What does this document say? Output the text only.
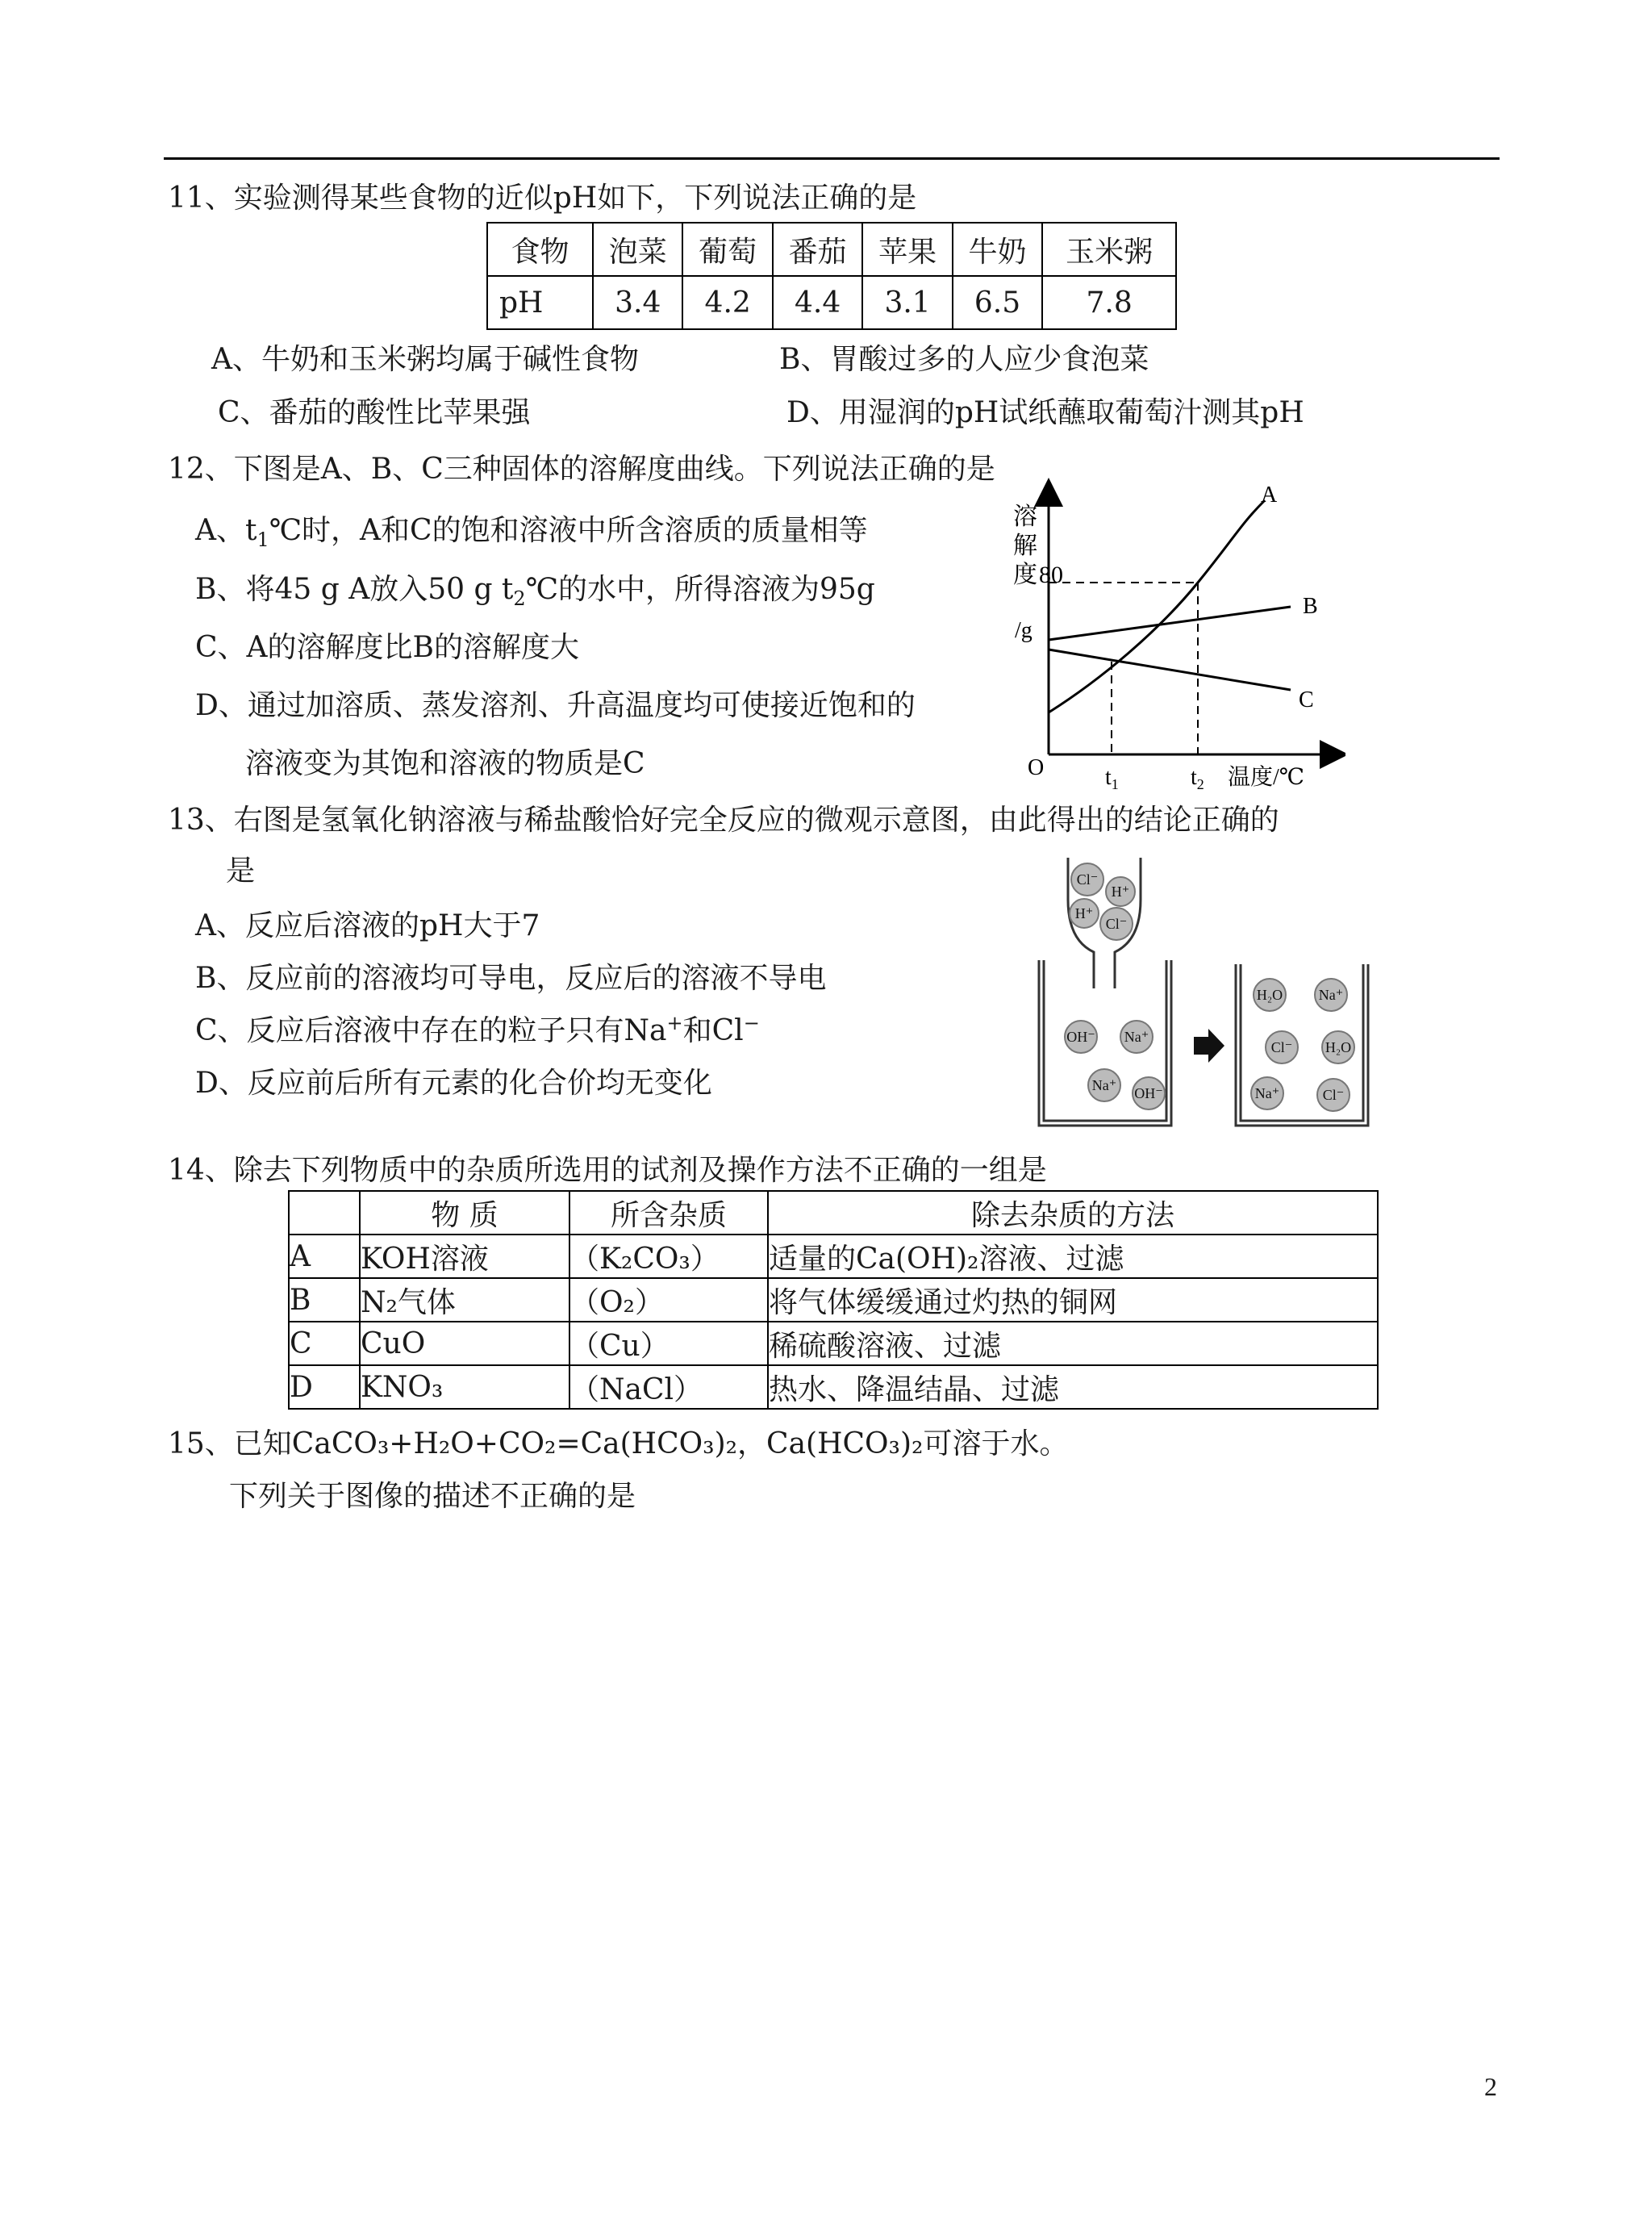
11、实验测得某些食物的近似pH如下，下列说法正确的是
食物	泡菜	葡萄	番茄	苹果	牛奶	玉米粥
pH	3.4	4.2	4.4	3.1	6.5	7.8
A、牛奶和玉米粥均属于碱性食物	B、胃酸过多的人应少食泡菜
C、番茄的酸性比苹果强	D、用湿润的pH试纸蘸取葡萄汁测其pH
12、下图是A、B、C三种固体的溶解度曲线。下列说法正确的是
A、$t_1℃$时，A和C的饱和溶液中所含溶质的质量相等
B、将45 g A放入50 g $t_2℃$的水中，所得溶液为95g
C、A的溶解度比B的溶解度大
D、通过加溶质、蒸发溶剂、升高温度均可使接近饱和的
溶液变为其饱和溶液的物质是C
溶
解
度
/g
80
O	$t_1$	$t_2$ 温度/℃
A
B
C
13、右图是氢氧化钠溶液与稀盐酸恰好完全反应的微观示意图，由此得出的结论正确的
是
A、反应后溶液的pH大于7
B、反应前的溶液均可导电，反应后的溶液不导电
C、反应后溶液中存在的粒子只有Na+和Cl−
D、反应前后所有元素的化合价均无变化
Cl⁻
H⁺
H⁺
Cl⁻
OH⁻ Na⁺
Na⁺ OH⁻
H₂O Na⁺
Cl⁻ H₂O
Na⁺	Cl⁻
14、除去下列物质中的杂质所选用的试剂及操作方法不正确的一组是
	物 质	所含杂质	除去杂质的方法
A	KOH溶液	（K₂CO₃）	适量的Ca(OH)₂溶液、过滤
B	N₂气体	（O₂）	将气体缓缓通过灼热的铜网
C	CuO	（Cu）	稀硫酸溶液、过滤
D	KNO₃	（NaCl）	热水、降温结晶、过滤
15、已知CaCO₃+H₂O+CO₂=Ca(HCO₃)₂，Ca(HCO₃)₂可溶于水。
下列关于图像的描述不正确的是
2
